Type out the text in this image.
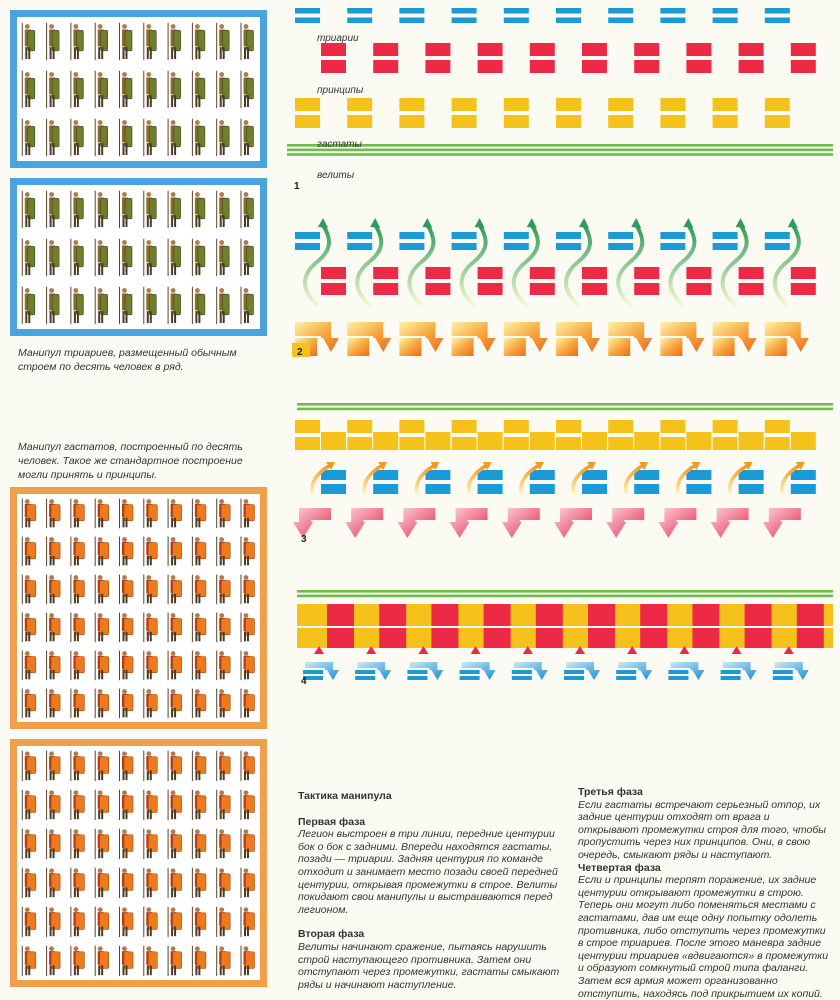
Манипул триариев, размещенный обычным строем по десять человек в ряд.
Манипул гастатов, построенный по десять человек. Такое же стандартное построение могли принять и принципы.
триарии
принципы
гастаты
велиты
1
2
3
4
Тактика манипула
Первая фаза

Легион выстроен в три линии, передние центурии бок о бок с задними. Впереди находятся гастаты, позади — триарии. Задняя центурия по команде отходит и занимает место позади своей передней центурии, открывая промежутки в строе. Велиты покидают свои манипулы и выстраиваются перед легионом.

Вторая фаза

Велиты начинают сражение, пытаясь нарушить строй наступающего противника. Затем они отступают через промежутки, гастаты смыкают ряды и начинают наступление.

Третья фаза

Если гастаты встречают серьезный отпор, их задние центурии отходят от врага и открывают промежутки строя для того, чтобы пропустить через них принципов. Они, в свою очередь, смыкают ряды и наступают.

Четвертая фаза

Если и принципы терпят поражение, их задние центурии открывают промежутки в строю. Теперь они могут либо поменяться местами с гастатами, дав им еще одну попытку одолеть противника, либо отступить через промежутки в строе триариев. После этого маневра задние центурии триариев «вдвигаются» в промежутки и образуют сомкнутый строй типа фаланги. Затем вся армия может организованно отступить, находясь под прикрытием их копий.
